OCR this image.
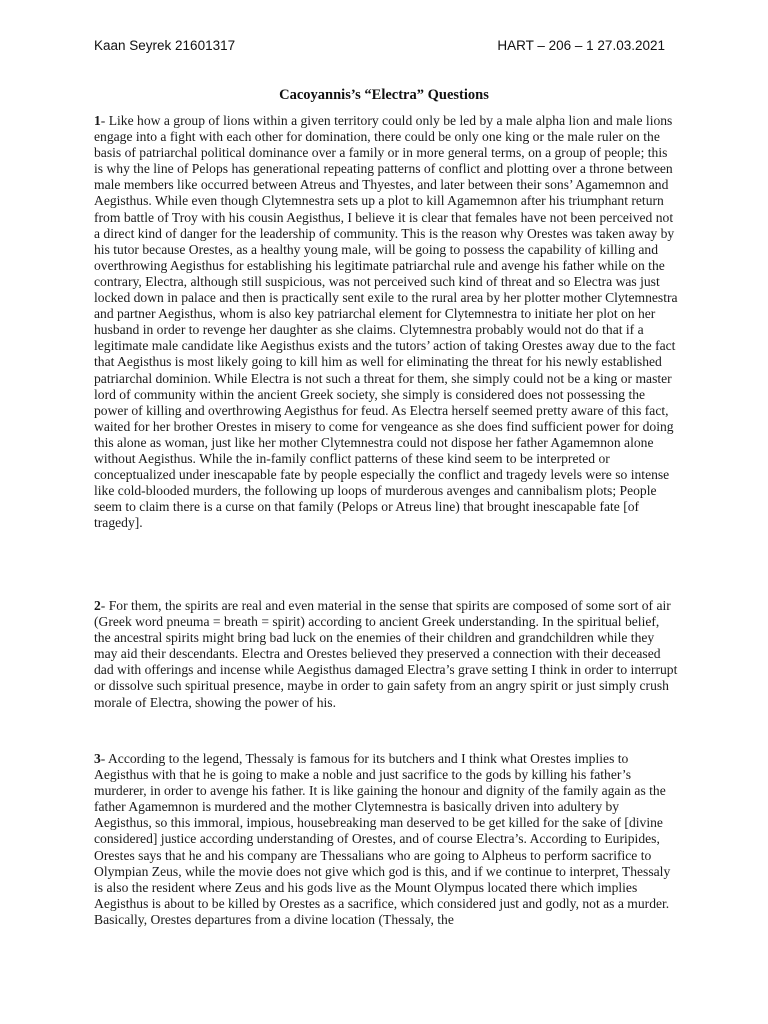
Kaan Seyrek 21601317	HART – 206 – 1 27.03.2021
Cacoyannis’s “Electra” Questions

1- Like how a group of lions within a given territory could only be led by a male alpha lion and male lions engage into a fight with each other for domination, there could be only one king or the male ruler on the basis of patriarchal political dominance over a family or in more general terms, on a group of people; this is why the line of Pelops has generational repeating patterns of conflict and plotting over a throne between male members like occurred between Atreus and Thyestes, and later between their sons’ Agamemnon and Aegisthus. While even though Clytemnestra sets up a plot to kill Agamemnon after his triumphant return from battle of Troy with his cousin Aegisthus, I believe it is clear that females have not been perceived not a direct kind of danger for the leadership of community. This is the reason why Orestes was taken away by his tutor because Orestes, as a healthy young male, will be going to possess the capability of killing and overthrowing Aegisthus for establishing his legitimate patriarchal rule and avenge his father while on the contrary, Electra, although still suspicious, was not perceived such kind of threat and so Electra was just locked down in palace and then is practically sent exile to the rural area by her plotter mother Clytemnestra and partner Aegisthus, whom is also key patriarchal element for Clytemnestra to initiate her plot on her husband in order to revenge her daughter as she claims. Clytemnestra probably would not do that if a legitimate male candidate like Aegisthus exists and the tutors’ action of taking Orestes away due to the fact that Aegisthus is most likely going to kill him as well for eliminating the threat for his newly established patriarchal dominion. While Electra is not such a threat for them, she simply could not be a king or master lord of community within the ancient Greek society, she simply is considered does not possessing the power of killing and overthrowing Aegisthus for feud. As Electra herself seemed pretty aware of this fact, waited for her brother Orestes in misery to come for vengeance as she does find sufficient power for doing this alone as woman, just like her mother Clytemnestra could not dispose her father Agamemnon alone without Aegisthus. While the in-family conflict patterns of these kind seem to be interpreted or conceptualized under inescapable fate by people especially the conflict and tragedy levels were so intense like cold-blooded murders, the following up loops of murderous avenges and cannibalism plots; People seem to claim there is a curse on that family (Pelops or Atreus line) that brought inescapable fate [of tragedy].

2- For them, the spirits are real and even material in the sense that spirits are composed of some sort of air (Greek word pneuma = breath = spirit) according to ancient Greek understanding. In the spiritual belief, the ancestral spirits might bring bad luck on the enemies of their children and grandchildren while they may aid their descendants. Electra and Orestes believed they preserved a connection with their deceased dad with offerings and incense while Aegisthus damaged Electra’s grave setting I think in order to interrupt or dissolve such spiritual presence, maybe in order to gain safety from an angry spirit or just simply crush morale of Electra, showing the power of his.

3- According to the legend, Thessaly is famous for its butchers and I think what Orestes implies to Aegisthus with that he is going to make a noble and just sacrifice to the gods by killing his father’s murderer, in order to avenge his father. It is like gaining the honour and dignity of the family again as the father Agamemnon is murdered and the mother Clytemnestra is basically driven into adultery by Aegisthus, so this immoral, impious, housebreaking man deserved to be get killed for the sake of [divine considered] justice according understanding of Orestes, and of course Electra’s. According to Euripides, Orestes says that he and his company are Thessalians who are going to Alpheus to perform sacrifice to Olympian Zeus, while the movie does not give which god is this, and if we continue to interpret, Thessaly is also the resident where Zeus and his gods live as the Mount Olympus located there which implies Aegisthus is about to be killed by Orestes as a sacrifice, which considered just and godly, not as a murder. Basically, Orestes departures from a divine location (Thessaly, the
